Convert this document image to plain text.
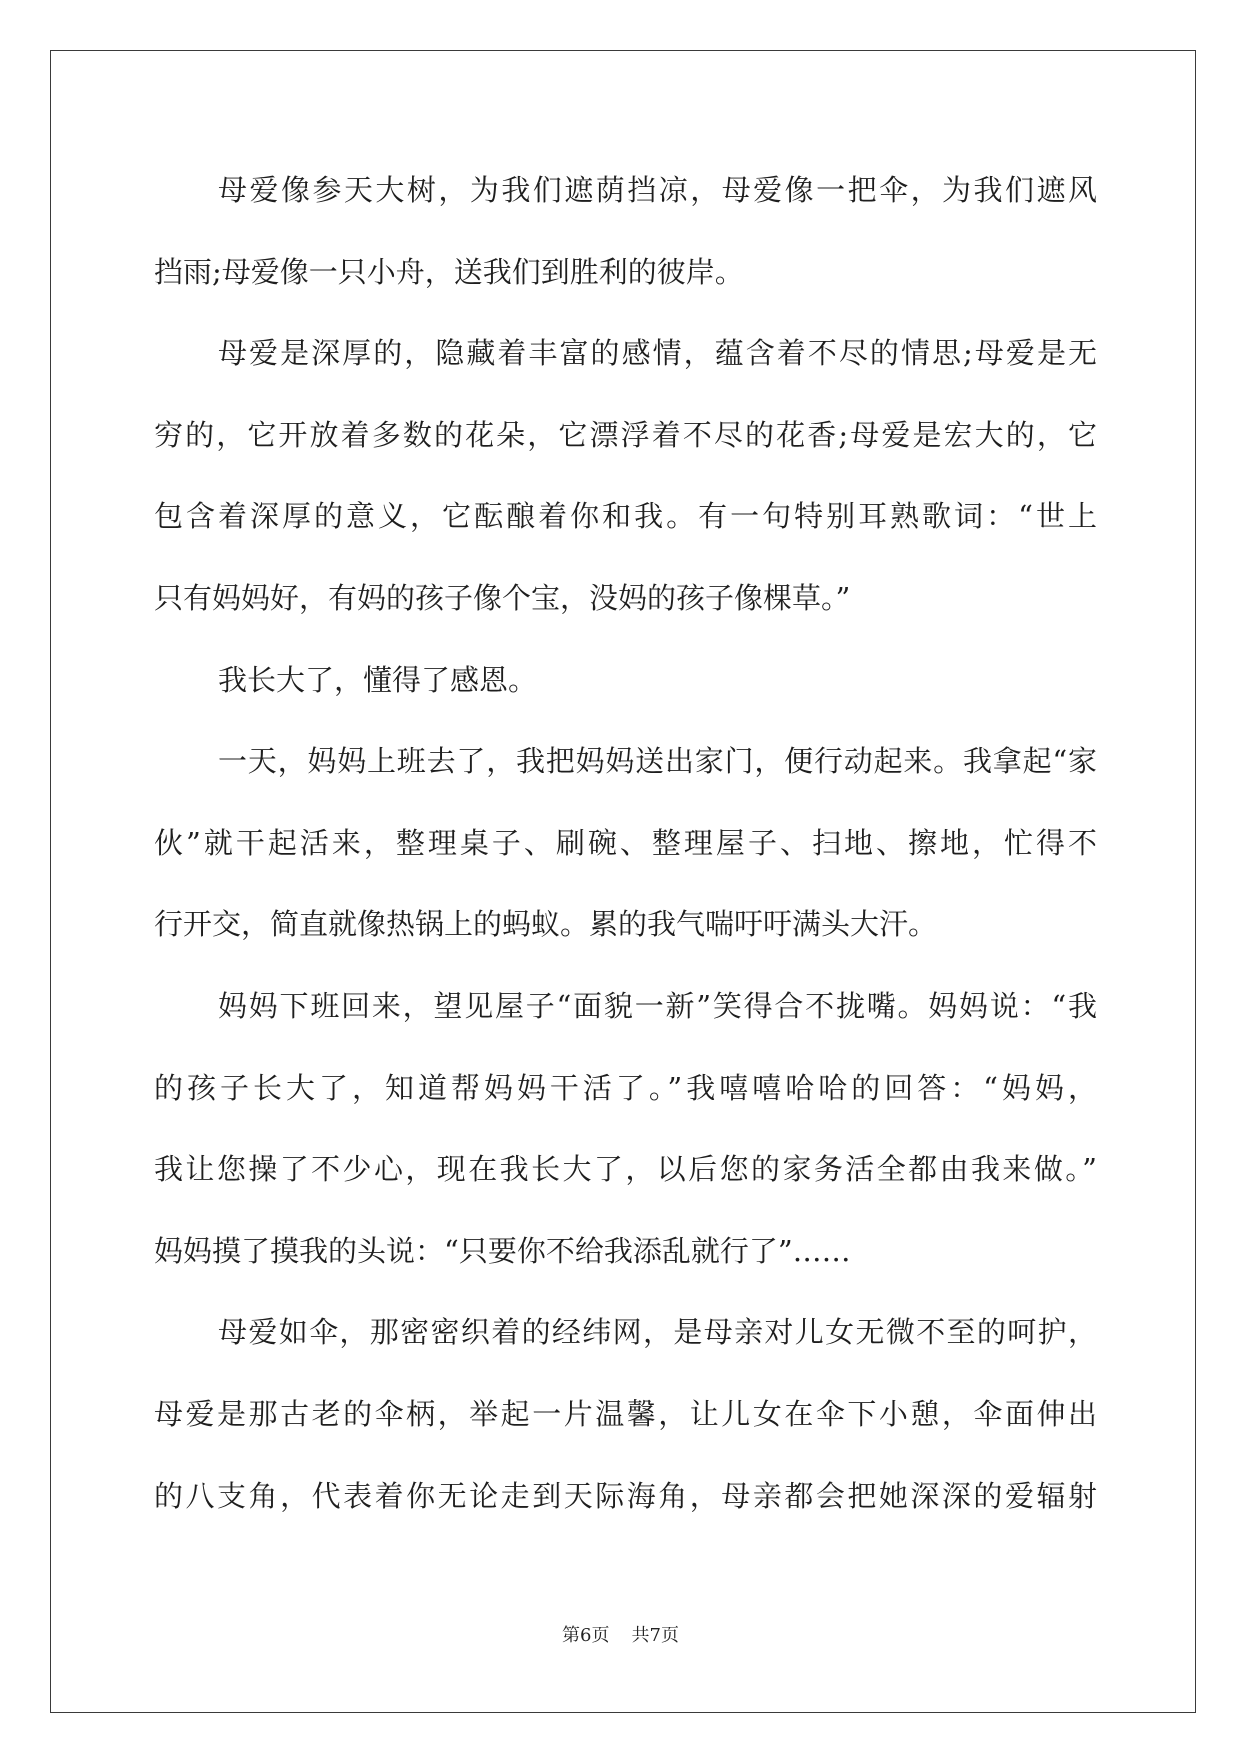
母爱像参天大树，为我们遮荫挡凉，母爱像一把伞，为我们遮风
挡雨;母爱像一只小舟，送我们到胜利的彼岸。
母爱是深厚的，隐藏着丰富的感情，蕴含着不尽的情思;母爱是无
穷的，它开放着多数的花朵，它漂浮着不尽的花香;母爱是宏大的，它
包含着深厚的意义，它酝酿着你和我。有一句特别耳熟歌词：“世上
只有妈妈好，有妈的孩子像个宝，没妈的孩子像棵草。”
我长大了，懂得了感恩。
一天，妈妈上班去了，我把妈妈送出家门，便行动起来。我拿起“家
伙”就干起活来，整理桌子、刷碗、整理屋子、扫地、擦地，忙得不
行开交，简直就像热锅上的蚂蚁。累的我气喘吁吁满头大汗。
妈妈下班回来，望见屋子“面貌一新”笑得合不拢嘴。妈妈说：“我
的孩子长大了，知道帮妈妈干活了。”我嘻嘻哈哈的回答：“妈妈，
我让您操了不少心，现在我长大了，以后您的家务活全都由我来做。”
妈妈摸了摸我的头说：“只要你不给我添乱就行了”……
母爱如伞，那密密织着的经纬网，是母亲对儿女无微不至的呵护，
母爱是那古老的伞柄，举起一片温馨，让儿女在伞下小憩，伞面伸出
的八支角，代表着你无论走到天际海角，母亲都会把她深深的爱辐射
第6页 共7页
